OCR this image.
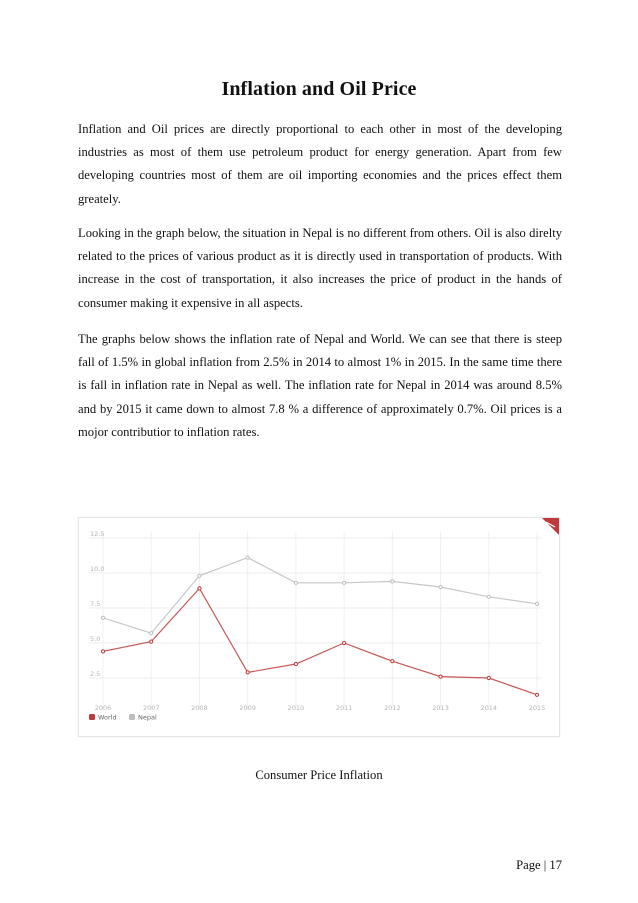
Inflation and Oil Price

Inflation and Oil prices are directly proportional to each other in most of the developing industries as most of them use petroleum product for energy generation. Apart from few developing countries most of them are oil importing economies and the prices effect them greately.

Looking in the graph below, the situation in Nepal is no different from others. Oil is also direlty related to the prices of various product as it is directly used in transportation of products. With increase in the cost of transportation, it also increases the price of product in the hands of consumer making it expensive in all aspects.

The graphs below shows the inflation rate of Nepal and World. We can see that there is steep fall of 1.5% in global inflation from 2.5% in 2014 to almost 1% in 2015. In the same time there is fall in inflation rate in Nepal as well. The inflation rate for Nepal in 2014 was around 8.5% and by 2015 it came down to almost 7.8 % a difference of approximately 0.7%. Oil prices is a mojor contributior to inflation rates.

2.5
5.0
7.5
10.0
12.5
2006	2007	2008	2009	2010	2011	2012	2013	2014	2015
World	Nepal
Consumer Price Inflation
Page | 17
